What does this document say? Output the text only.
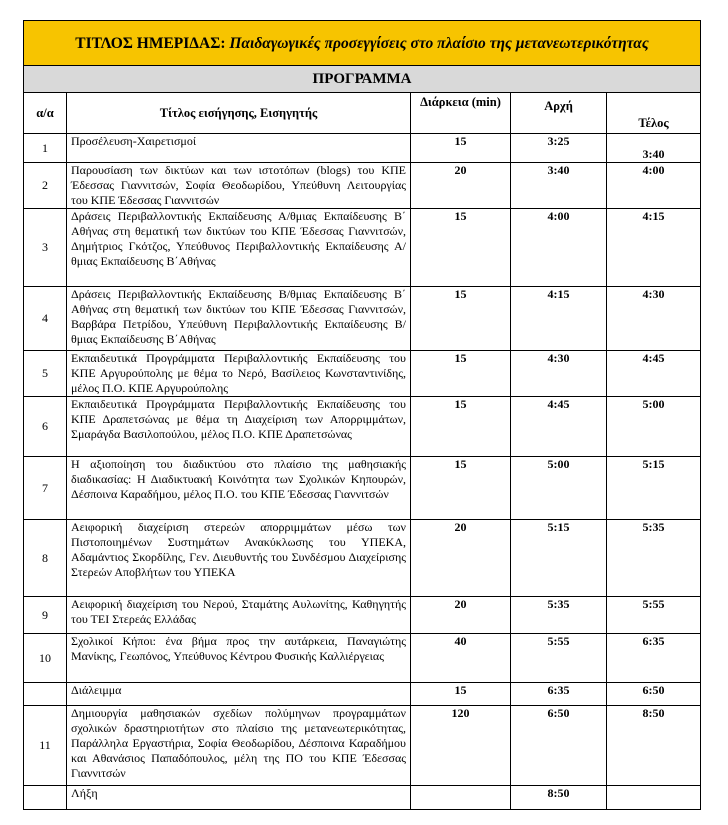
ΤΙΤΛΟΣ ΗΜΕΡΙΔΑΣ: Παιδαγωγικές προσεγγίσεις στο πλαίσιο της μετανεωτερικότητας				
ΠΡΟΓΡΑΜΜΑ				
α/α	Τίτλος εισήγησης, Εισηγητής	Διάρκεια (min)	Αρχή	Τέλος
1	Προσέλευση-Χαιρετισμοί	15	3:25	3:40
2	Παρουσίαση των δικτύων και των ιστοτόπων (blogs) του ΚΠΕ Έδεσσας Γιαννιτσών, Σοφία Θεοδωρίδου, Υπεύθυνη Λειτουργίας του ΚΠΕ Έδεσσας Γιαννιτσών	20	3:40	4:00
3	Δράσεις Περιβαλλοντικής Εκπαίδευσης Α/θμιας Εκπαίδευσης Β΄ Αθήνας στη θεματική των δικτύων του ΚΠΕ Έδεσσας Γιαννιτσών, Δημήτριος Γκότζος, Υπεύθυνος Περιβαλλοντικής Εκπαίδευσης Α/θμιας Εκπαίδευσης Β΄Αθήνας	15	4:00	4:15
4	Δράσεις Περιβαλλοντικής Εκπαίδευσης Β/θμιας Εκπαίδευσης Β΄ Αθήνας στη θεματική των δικτύων του ΚΠΕ Έδεσσας Γιαννιτσών, Βαρβάρα Πετρίδου, Υπεύθυνη Περιβαλλοντικής Εκπαίδευσης Β/θμιας Εκπαίδευσης Β΄Αθήνας	15	4:15	4:30
5	Εκπαιδευτικά Προγράμματα Περιβαλλοντικής Εκπαίδευσης του ΚΠΕ Αργυρούπολης με θέμα το Νερό, Βασίλειος Κωνσταντινίδης, μέλος Π.Ο. ΚΠΕ Αργυρούπολης	15	4:30	4:45
6	Εκπαιδευτικά Προγράμματα Περιβαλλοντικής Εκπαίδευσης του ΚΠΕ Δραπετσώνας με θέμα τη Διαχείριση των Απορριμμάτων, Σμαράγδα Βασιλοπούλου, μέλος Π.Ο. ΚΠΕ Δραπετσώνας	15	4:45	5:00
7	Η αξιοποίηση του διαδικτύου στο πλαίσιο της μαθησιακής διαδικασίας: Η Διαδικτυακή Κοινότητα των Σχολικών Κηπουρών, Δέσποινα Καραδήμου, μέλος Π.Ο. του ΚΠΕ Έδεσσας Γιαννιτσών	15	5:00	5:15
8	Αειφορική διαχείριση στερεών απορριμμάτων μέσω των Πιστοποιημένων Συστημάτων Ανακύκλωσης του ΥΠΕΚΑ, Αδαμάντιος Σκορδίλης, Γεν. Διευθυντής του Συνδέσμου Διαχείρισης Στερεών Αποβλήτων του ΥΠΕΚΑ	20	5:15	5:35
9	Αειφορική διαχείριση του Νερού, Σταμάτης Αυλωνίτης, Καθηγητής του ΤΕΙ Στερεάς Ελλάδας	20	5:35	5:55
10	Σχολικοί Κήποι: ένα βήμα προς την αυτάρκεια, Παναγιώτης Μανίκης, Γεωπόνος, Υπεύθυνος Κέντρου Φυσικής Καλλιέργειας	40	5:55	6:35
	Διάλειμμα	15	6:35	6:50
11	Δημιουργία μαθησιακών σχεδίων πολύμηνων προγραμμάτων σχολικών δραστηριοτήτων στο πλαίσιο της μετανεωτερικότητας, Παράλληλα Εργαστήρια, Σοφία Θεοδωρίδου, Δέσποινα Καραδήμου και Αθανάσιος Παπαδόπουλος, μέλη της ΠΟ του ΚΠΕ Έδεσσας Γιαννιτσών	120	6:50	8:50
	Λήξη		8:50	
